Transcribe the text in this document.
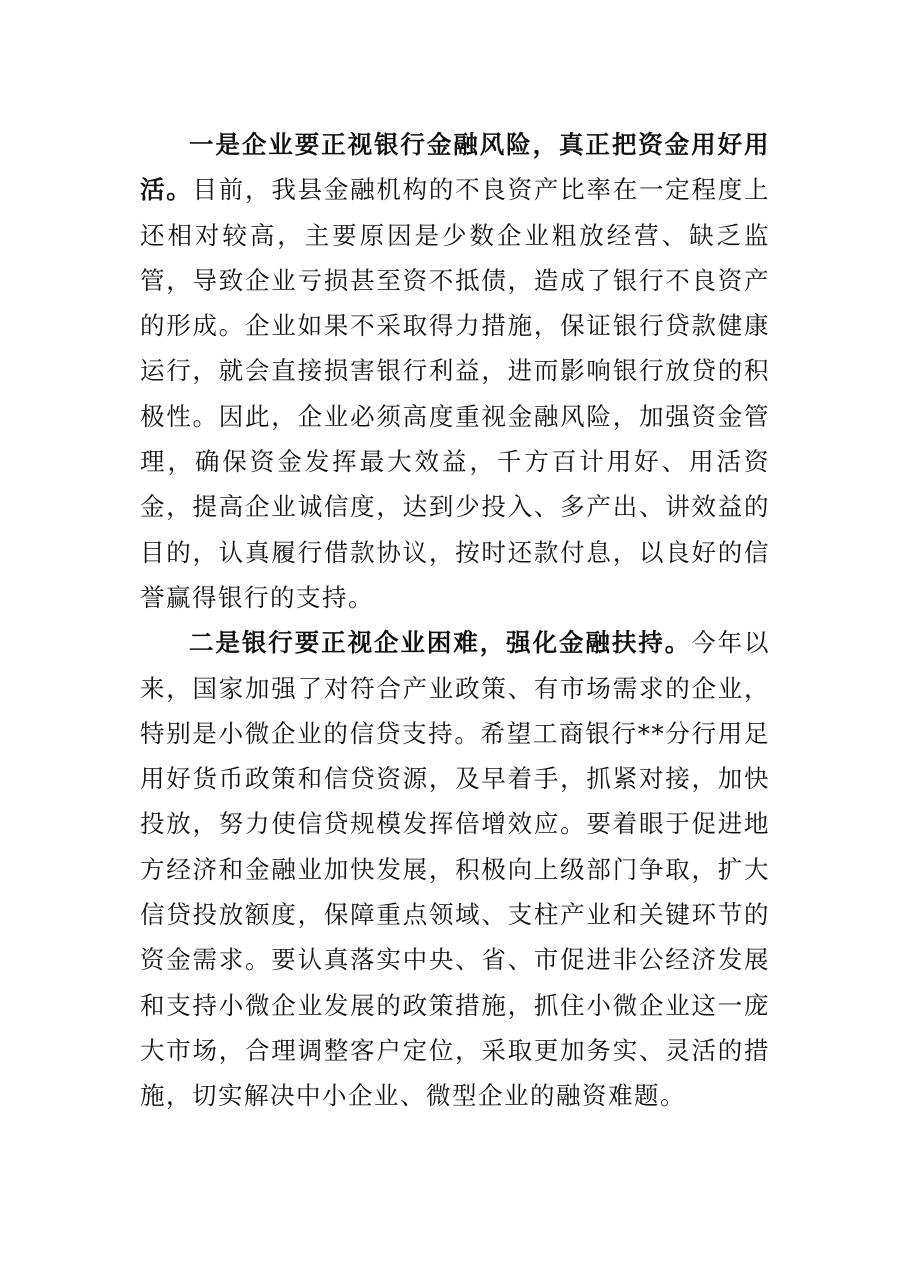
一是企业要正视银行金融风险，真正把资金用好用活。目前，我县金融机构的不良资产比率在一定程度上还相对较高，主要原因是少数企业粗放经营、缺乏监管，导致企业亏损甚至资不抵债，造成了银行不良资产的形成。企业如果不采取得力措施，保证银行贷款健康运行，就会直接损害银行利益，进而影响银行放贷的积极性。因此，企业必须高度重视金融风险，加强资金管理，确保资金发挥最大效益，千方百计用好、用活资金，提高企业诚信度，达到少投入、多产出、讲效益的目的，认真履行借款协议，按时还款付息，以良好的信誉赢得银行的支持。

二是银行要正视企业困难，强化金融扶持。今年以来，国家加强了对符合产业政策、有市场需求的企业，特别是小微企业的信贷支持。希望工商银行**分行用足用好货币政策和信贷资源，及早着手，抓紧对接，加快投放，努力使信贷规模发挥倍增效应。要着眼于促进地方经济和金融业加快发展，积极向上级部门争取，扩大信贷投放额度，保障重点领域、支柱产业和关键环节的资金需求。要认真落实中央、省、市促进非公经济发展和支持小微企业发展的政策措施，抓住小微企业这一庞大市场，合理调整客户定位，采取更加务实、灵活的措施，切实解决中小企业、微型企业的融资难题。
